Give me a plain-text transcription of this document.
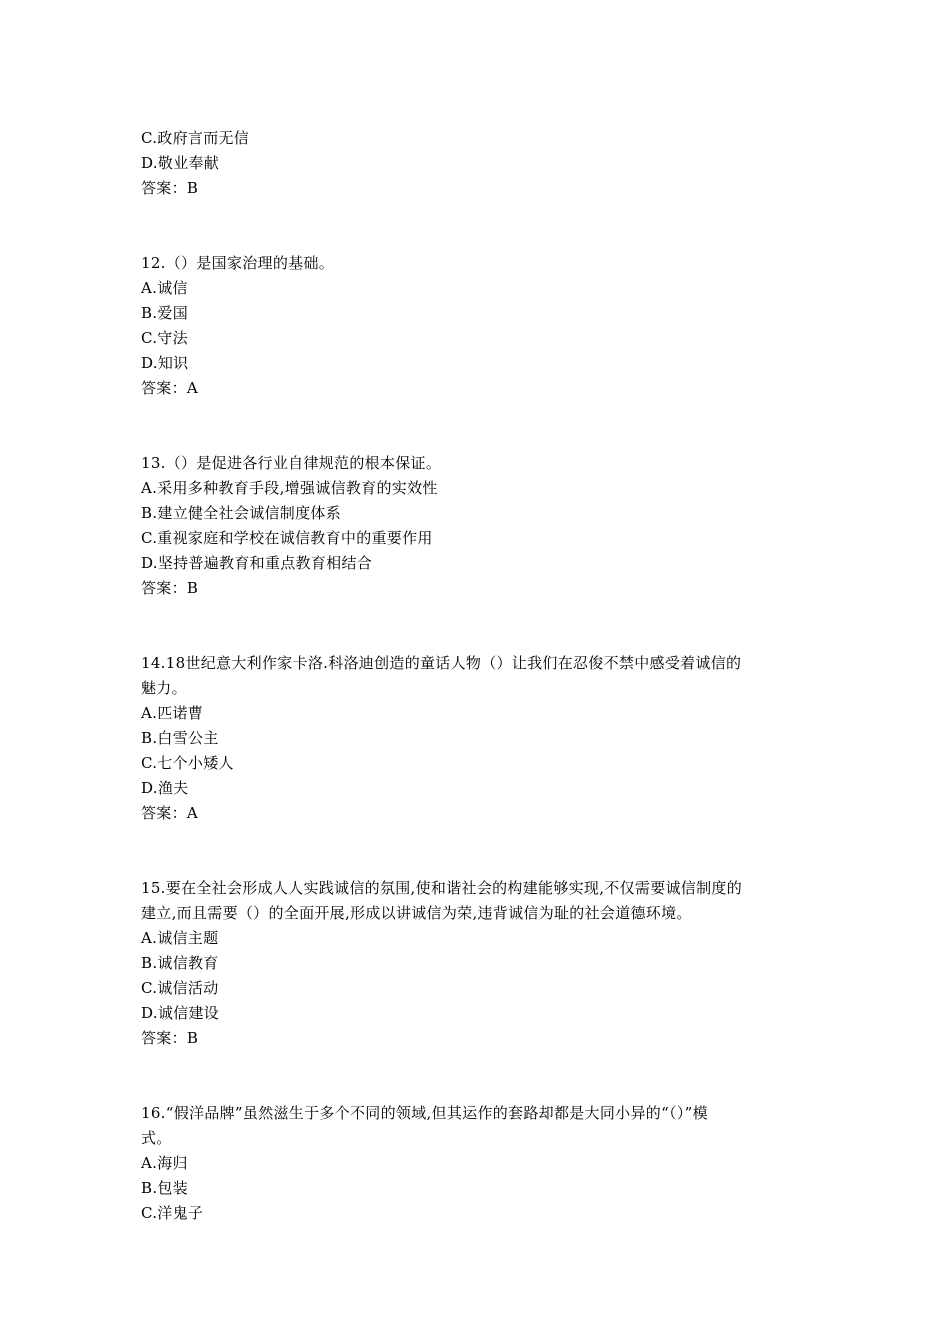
C.政府言而无信

D.敬业奉献

答案：B

12.（）是国家治理的基础。

A.诚信

B.爱国

C.守法

D.知识

答案：A

13.（）是促进各行业自律规范的根本保证。

A.采用多种教育手段,增强诚信教育的实效性

B.建立健全社会诚信制度体系

C.重视家庭和学校在诚信教育中的重要作用

D.坚持普遍教育和重点教育相结合

答案：B

14.18世纪意大利作家卡洛.科洛迪创造的童话人物（）让我们在忍俊不禁中感受着诚信的

魅力。

A.匹诺曹

B.白雪公主

C.七个小矮人

D.渔夫

答案：A

15.要在全社会形成人人实践诚信的氛围,使和谐社会的构建能够实现,不仅需要诚信制度的

建立,而且需要（）的全面开展,形成以讲诚信为荣,违背诚信为耻的社会道德环境。

A.诚信主题

B.诚信教育

C.诚信活动

D.诚信建设

答案：B

16.“假洋品牌”虽然滋生于多个不同的领域,但其运作的套路却都是大同小异的“（）”模

式。

A.海归

B.包装

C.洋鬼子
